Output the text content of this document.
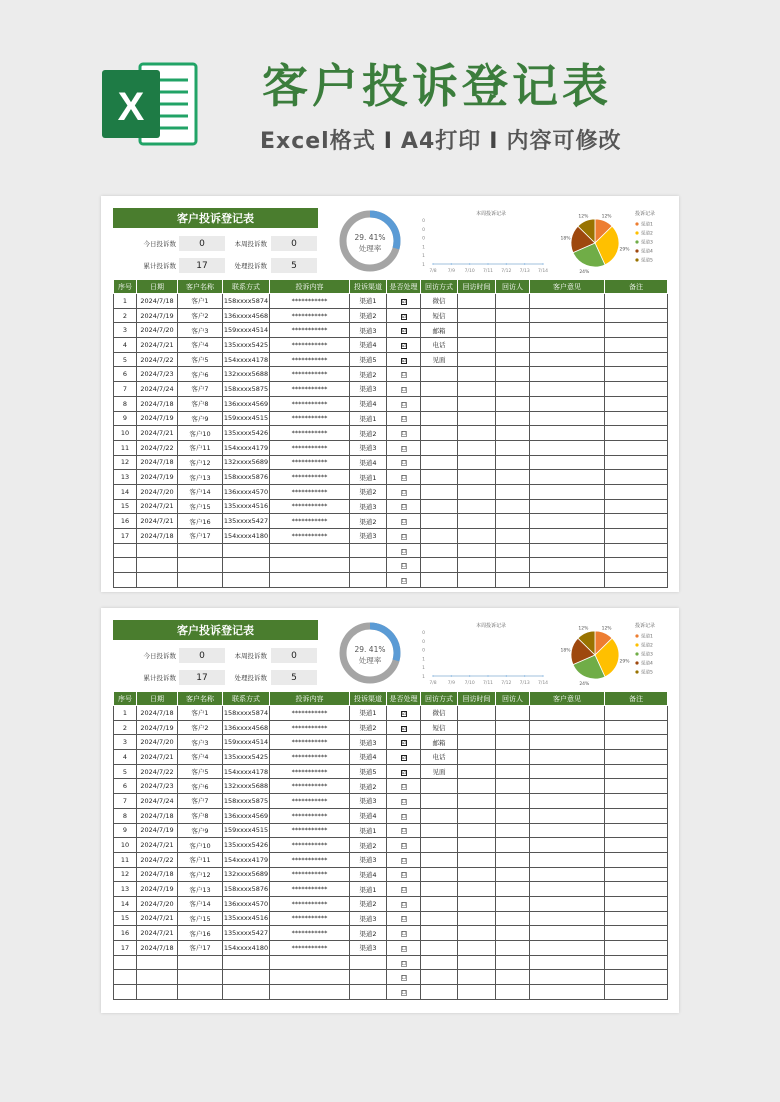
X	客户投诉登记表
Excel格式 I A4打印 I 内容可修改
客户投诉登记表
今日投诉数	0	本周投诉数	0
累计投诉数	17	处理投诉数	5
29. 41%
处理率
本周投诉记录
0
0
0
1
1
1
7/8 7/9 7/10 7/11 7/12 7/13 7/14
12%
29%
24%
18%
12%	投诉记录
渠道1
渠道2
渠道3
渠道4
渠道5
序号	日期	客户名称	联系方式	投诉内容	投诉渠道	是否处理	回访方式	回访时间	回访人	客户意见	备注
1	2024/7/18	客户1	158xxxx5874	***********	渠道1	☑	微信				
2	2024/7/19	客户2	136xxxx4568	***********	渠道2	☑	短信				
3	2024/7/20	客户3	159xxxx4514	***********	渠道3	☑	邮箱				
4	2024/7/21	客户4	135xxxx5425	***********	渠道4	☑	电话				
5	2024/7/22	客户5	154xxxx4178	***********	渠道5	☑	见面				
6	2024/7/23	客户6	132xxxx5688	***********	渠道2	☐					
7	2024/7/24	客户7	158xxxx5875	***********	渠道3	☐					
8	2024/7/18	客户8	136xxxx4569	***********	渠道4	☐					
9	2024/7/19	客户9	159xxxx4515	***********	渠道1	☐					
10	2024/7/21	客户10	135xxxx5426	***********	渠道2	☐					
11	2024/7/22	客户11	154xxxx4179	***********	渠道3	☐					
12	2024/7/18	客户12	132xxxx5689	***********	渠道4	☐					
13	2024/7/19	客户13	158xxxx5876	***********	渠道1	☐					
14	2024/7/20	客户14	136xxxx4570	***********	渠道2	☐					
15	2024/7/21	客户15	135xxxx4516	***********	渠道3	☐					
16	2024/7/21	客户16	135xxxx5427	***********	渠道2	☐					
17	2024/7/18	客户17	154xxxx4180	***********	渠道3	☐					
						☐					
						☐					
						☐					
客户投诉登记表
今日投诉数	0	本周投诉数	0
累计投诉数	17	处理投诉数	5
29. 41%
处理率
本周投诉记录
0
0
0
1
1
1
7/8 7/9 7/10 7/11 7/12 7/13 7/14
12%
29%
24%
18%
12%	投诉记录
渠道1
渠道2
渠道3
渠道4
渠道5
序号	日期	客户名称	联系方式	投诉内容	投诉渠道	是否处理	回访方式	回访时间	回访人	客户意见	备注
1	2024/7/18	客户1	158xxxx5874	***********	渠道1	☑	微信				
2	2024/7/19	客户2	136xxxx4568	***********	渠道2	☑	短信				
3	2024/7/20	客户3	159xxxx4514	***********	渠道3	☑	邮箱				
4	2024/7/21	客户4	135xxxx5425	***********	渠道4	☑	电话				
5	2024/7/22	客户5	154xxxx4178	***********	渠道5	☑	见面				
6	2024/7/23	客户6	132xxxx5688	***********	渠道2	☐					
7	2024/7/24	客户7	158xxxx5875	***********	渠道3	☐					
8	2024/7/18	客户8	136xxxx4569	***********	渠道4	☐					
9	2024/7/19	客户9	159xxxx4515	***********	渠道1	☐					
10	2024/7/21	客户10	135xxxx5426	***********	渠道2	☐					
11	2024/7/22	客户11	154xxxx4179	***********	渠道3	☐					
12	2024/7/18	客户12	132xxxx5689	***********	渠道4	☐					
13	2024/7/19	客户13	158xxxx5876	***********	渠道1	☐					
14	2024/7/20	客户14	136xxxx4570	***********	渠道2	☐					
15	2024/7/21	客户15	135xxxx4516	***********	渠道3	☐					
16	2024/7/21	客户16	135xxxx5427	***********	渠道2	☐					
17	2024/7/18	客户17	154xxxx4180	***********	渠道3	☐					
						☐					
						☐					
						☐					
